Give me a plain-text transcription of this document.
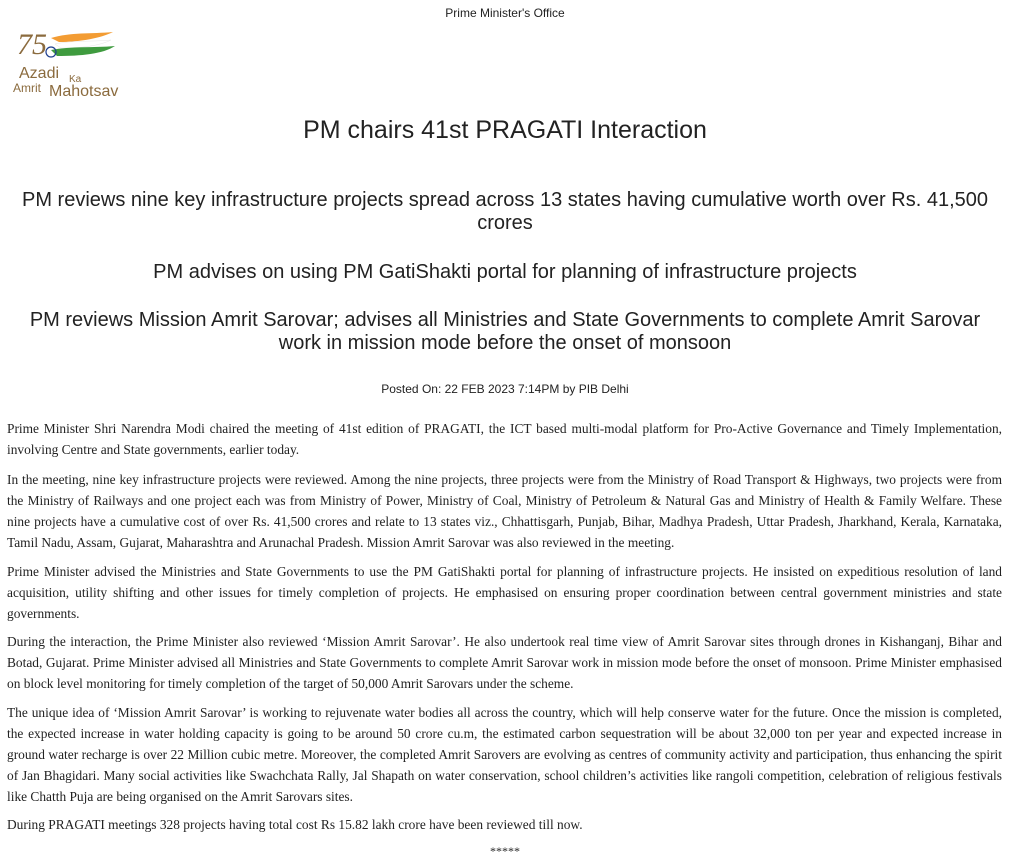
Prime Minister's Office
75
Azadi Ka
Amrit Mahotsav
PM chairs 41st PRAGATI Interaction
PM reviews nine key infrastructure projects spread across 13 states having cumulative worth over Rs. 41,500 crores
PM advises on using PM GatiShakti portal for planning of infrastructure projects
PM reviews Mission Amrit Sarovar; advises all Ministries and State Governments to complete Amrit Sarovar work in mission mode before the onset of monsoon
Posted On: 22 FEB 2023 7:14PM by PIB Delhi

Prime Minister Shri Narendra Modi chaired the meeting of 41st edition of PRAGATI, the ICT based multi-modal platform for Pro-Active Governance and Timely Implementation, involving Centre and State governments, earlier today.

In the meeting, nine key infrastructure projects were reviewed. Among the nine projects, three projects were from the Ministry of Road Transport & Highways, two projects were from the Ministry of Railways and one project each was from Ministry of Power, Ministry of Coal, Ministry of Petroleum & Natural Gas and Ministry of Health & Family Welfare. These nine projects have a cumulative cost of over Rs. 41,500 crores and relate to 13 states viz., Chhattisgarh, Punjab, Bihar, Madhya Pradesh, Uttar Pradesh, Jharkhand, Kerala, Karnataka, Tamil Nadu, Assam, Gujarat, Maharashtra and Arunachal Pradesh. Mission Amrit Sarovar was also reviewed in the meeting.

Prime Minister advised the Ministries and State Governments to use the PM GatiShakti portal for planning of infrastructure projects. He insisted on expeditious resolution of land acquisition, utility shifting and other issues for timely completion of projects. He emphasised on ensuring proper coordination between central government ministries and state governments.

During the interaction, the Prime Minister also reviewed ‘Mission Amrit Sarovar’. He also undertook real time view of Amrit Sarovar sites through drones in Kishanganj, Bihar and Botad, Gujarat. Prime Minister advised all Ministries and State Governments to complete Amrit Sarovar work in mission mode before the onset of monsoon. Prime Minister emphasised on block level monitoring for timely completion of the target of 50,000 Amrit Sarovars under the scheme.

The unique idea of ‘Mission Amrit Sarovar’ is working to rejuvenate water bodies all across the country, which will help conserve water for the future. Once the mission is completed, the expected increase in water holding capacity is going to be around 50 crore cu.m, the estimated carbon sequestration will be about 32,000 ton per year and expected increase in ground water recharge is over 22 Million cubic metre. Moreover, the completed Amrit Sarovers are evolving as centres of community activity and participation, thus enhancing the spirit of Jan Bhagidari. Many social activities like Swachchata Rally, Jal Shapath on water conservation, school children’s activities like rangoli competition, celebration of religious festivals like Chatth Puja are being organised on the Amrit Sarovars sites.

During PRAGATI meetings 328 projects having total cost Rs 15.82 lakh crore have been reviewed till now.

*****
